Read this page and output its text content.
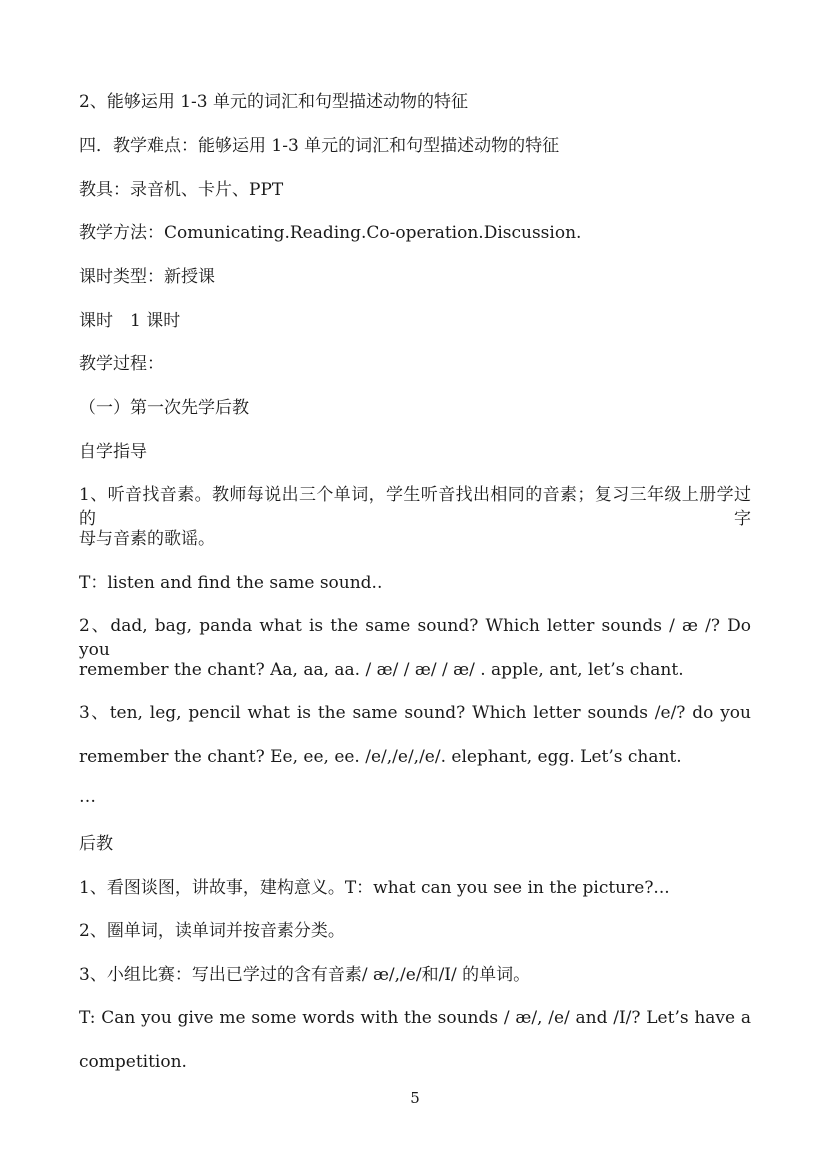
2、能够运用 1-3 单元的词汇和句型描述动物的特征
四．教学难点：能够运用 1-3 单元的词汇和句型描述动物的特征
教具：录音机、卡片、PPT
教学方法：Comunicating.Reading.Co-operation.Discussion.
课时类型：新授课
课时　1 课时
教学过程：
（一）第一次先学后教
自学指导
1、听音找音素。教师每说出三个单词，学生听音找出相同的音素；复习三年级上册学过的字
母与音素的歌谣。
T：listen and find the same sound..
2、dad, bag, panda what is the same sound? Which letter sounds / æ /? Do you
remember the chant? Aa, aa, aa. / æ/ / æ/ / æ/ . apple, ant, let’s chant.
3、ten, leg, pencil what is the same sound? Which letter sounds /e/? do you
remember the chant? Ee, ee, ee. /e/,/e/,/e/. elephant, egg. Let’s chant.
…
后教
1、看图谈图，讲故事，建构意义。T：what can you see in the picture?...
2、圈单词，读单词并按音素分类。
3、小组比赛：写出已学过的含有音素/ æ/,/e/和/I/ 的单词。
T: Can you give me some words with the sounds / æ/, /e/ and /I/? Let’s have a
competition.
5
